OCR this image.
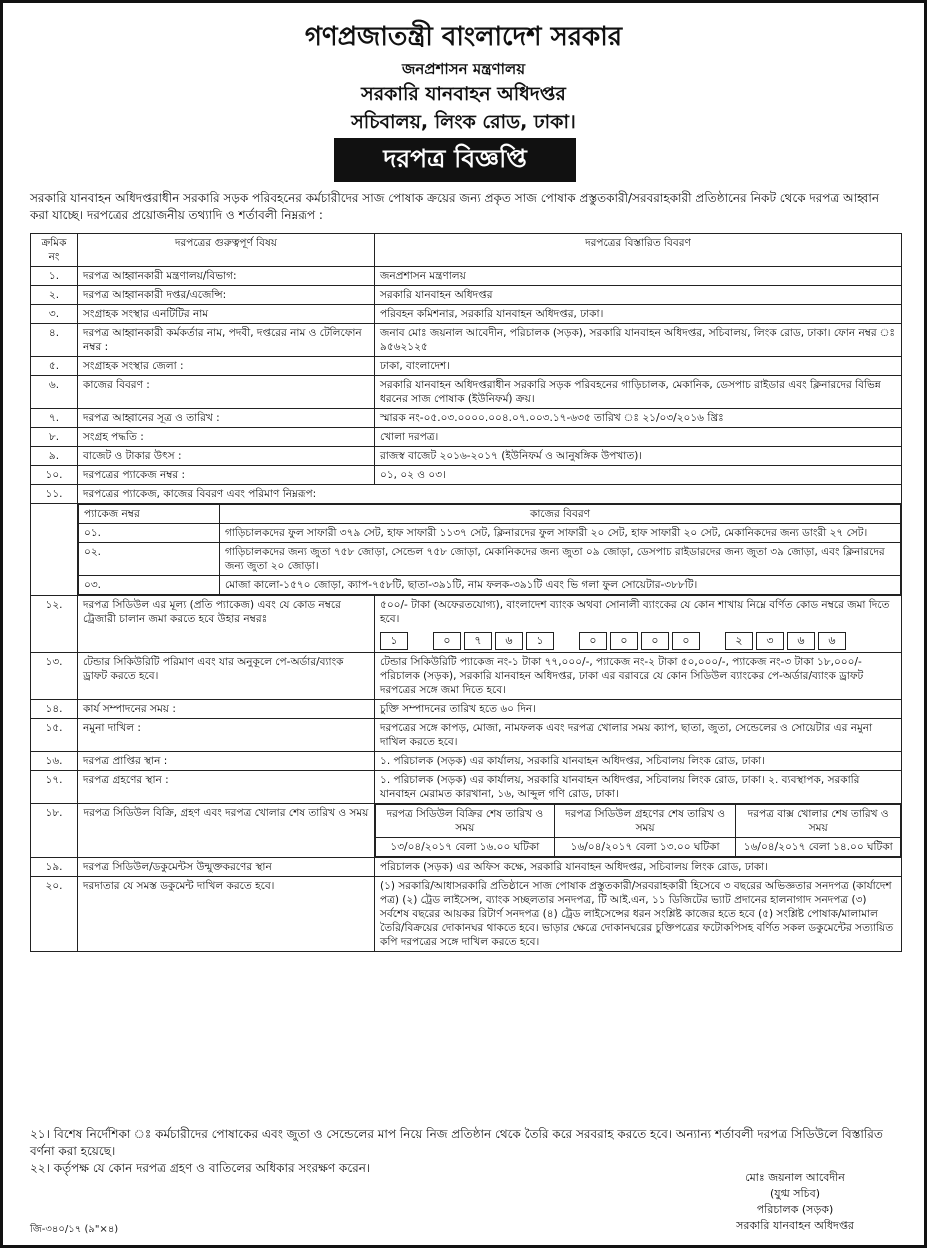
গণপ্রজাতন্ত্রী বাংলাদেশ সরকার
জনপ্রশাসন মন্ত্রণালয়
সরকারি যানবাহন অধিদপ্তর
সচিবালয়, লিংক রোড, ঢাকা।
দরপত্র বিজ্ঞপ্তি
সরকারি যানবাহন অধিদপ্তরাধীন সরকারি সড়ক পরিবহনের কর্মচারীদের সাজ পোষাক ক্রয়ের জন্য প্রকৃত সাজ পোষাক প্রস্তুতকারী/সরবরাহকারী প্রতিষ্ঠানের নিকট থেকে দরপত্র আহ্বান করা যাচ্ছে। দরপত্রের প্রয়োজনীয় তথ্যাদি ও শর্তাবলী নিম্নরূপ :
ক্রমিক নং	দরপত্রের গুরুত্বপূর্ণ বিষয়	দরপত্রের বিস্তারিত বিবরণ
১.	দরপত্র আহ্বানকারী মন্ত্রণালয়/বিভাগ:	জনপ্রশাসন মন্ত্রণালয়
২.	দরপত্র আহ্বানকারী দপ্তর/এজেন্সি:	সরকারি যানবাহন অধিদপ্তর
৩.	সংগ্রাহক সংস্থার এনটিটির নাম	পরিবহন কমিশনার, সরকারি যানবাহন অধিদপ্তর, ঢাকা।
৪.	দরপত্র আহ্বানকারী কর্মকর্তার নাম, পদবী, দপ্তরের নাম ও টেলিফোন নম্বর :	জনাব মোঃ জয়নাল আবেদীন, পরিচালক (সড়ক), সরকারি যানবাহন অধিদপ্তর, সচিবালয়, লিংক রোড, ঢাকা। ফোন নম্বর ঃ ৯৫৬২১২৫
৫.	সংগ্রাহক সংস্থার জেলা :	ঢাকা, বাংলাদেশ।
৬.	কাজের বিবরণ :	সরকারি যানবাহন অধিদপ্তরাধীন সরকারি সড়ক পরিবহনের গাড়িচালক, মেকানিক, ডেসপাচ রাইডার এবং ক্লিনারদের বিভিন্ন ধরনের সাজ পোষাক (ইউনিফর্ম) ক্রয়।
৭.	দরপত্র আহ্বানের সূত্র ও তারিখ :	স্মারক নং-০৫.০৩.০০০০.০০৪.০৭.০০৩.১৭-৬৩৫ তারিখ ঃ ২১/০৩/২০১৬ খ্রিঃ
৮.	সংগ্রহ পদ্ধতি :	খোলা দরপত্র।
৯.	বাজেট ও টাকার উৎস :	রাজস্ব বাজেট ২০১৬-২০১৭ (ইউনিফর্ম ও আনুষঙ্গিক উপখাত)।
১০.	দরপত্রের প্যাকেজ নম্বর :	০১, ০২ ও ০৩।
১১.	দরপত্রের প্যাকেজ, কাজের বিবরণ এবং পরিমাণ নিম্নরূপ:

প্যাকেজ নম্বর	কাজের বিবরণ
০১.	গাড়িচালকদের ফুল সাফারী ৩৭৯ সেট, হাফ সাফারী ১১৩৭ সেট, ক্লিনারদের ফুল সাফারী ২০ সেট, হাফ সাফারী ২০ সেট, মেকানিকদের জন্য ডাংরী ২৭ সেট।
০২.	গাড়িচালকদের জন্য জুতা ৭৫৮ জোড়া, সেন্ডেল ৭৫৮ জোড়া, মেকানিকদের জন্য জুতা ০৯ জোড়া, ডেসপাচ রাইডারদের জন্য জুতা ৩৯ জোড়া, এবং ক্লিনারদের জন্য জুতা ২০ জোড়া।
০৩.	মোজা কালো-১৫৭০ জোড়া, ক্যাপ-৭৫৮টি, ছাতা-৩৯১টি, নাম ফলক-৩৯১টি এবং ভি গলা ফুল সোয়েটার-৩৮৮টি।

১২.	দরপত্র সিডিউল এর মূল্য (প্রতি প্যাকেজ) এবং যে কোড নম্বরে ট্রেজারী চালান জমা করতে হবে উহার নম্বরঃ	
৫০০/- টাকা (অফেরতযোগ্য), বাংলাদেশ ব্যাংক অথবা সোনালী ব্যাংকের যে কোন শাখায় নিম্নে বর্ণিত কোড নম্বরে জমা দিতে হবে।
১	০ ৭ ৬ ১	০ ০ ০ ০	২ ৩ ৬ ৬

১৩.	টেন্ডার সিকিউরিটি পরিমাণ এবং যার অনুকূলে পে-অর্ডার/ব্যাংক ড্রাফট করতে হবে।	টেন্ডার সিকিউরিটি প্যাকেজ নং-১ টাকা ৭৭,০০০/-, প্যাকেজ নং-২ টাকা ৫০,০০০/-, প্যাকেজ নং-৩ টাকা ১৮,০০০/- পরিচালক (সড়ক), সরকারি যানবাহন অধিদপ্তর, ঢাকা এর বরাবরে যে কোন সিডিউল ব্যাংকের পে-অর্ডার/ব্যাংক ড্রাফট দরপত্রের সঙ্গে জমা দিতে হবে।
১৪.	কার্য সম্পাদনের সময় :	চুক্তি সম্পাদনের তারিখ হতে ৬০ দিন।
১৫.	নমুনা দাখিল :	দরপত্রের সঙ্গে কাপড়, মোজা, নামফলক এবং দরপত্র খোলার সময় ক্যাপ, ছাতা, জুতা, সেন্ডেলের ও সোয়েটার এর নমুনা দাখিল করতে হবে।
১৬.	দরপত্র প্রাপ্তির স্থান :	১. পরিচালক (সড়ক) এর কার্যালয়, সরকারি যানবাহন অধিদপ্তর, সচিবালয় লিংক রোড, ঢাকা।
১৭.	দরপত্র গ্রহণের স্থান :	১. পরিচালক (সড়ক) এর কার্যালয়, সরকারি যানবাহন অধিদপ্তর, সচিবালয় লিংক রোড, ঢাকা। ২. ব্যবস্থাপক, সরকারি যানবাহন মেরামত কারখানা, ১৬, আব্দুল গণি রোড, ঢাকা।
১৮.	দরপত্র সিডিউল বিক্রি, গ্রহণ এবং দরপত্র খোলার শেষ তারিখ ও সময়	দরপত্র সিডিউল বিক্রির শেষ তারিখ ও সময়	দরপত্র সিডিউল গ্রহণের শেষ তারিখ ও সময়	দরপত্র বাক্স খোলার শেষ তারিখ ও সময়
১৩/০৪/২০১৭ বেলা ১৬.০০ ঘটিকা	১৬/০৪/২০১৭ বেলা ১৩.০০ ঘটিকা	১৬/০৪/২০১৭ বেলা ১৪.০০ ঘটিকা

১৯.	দরপত্র সিডিউল/ডকুমেন্টস উন্মুক্তকরণের স্থান	পরিচালক (সড়ক) এর অফিস কক্ষে, সরকারি যানবাহন অধিদপ্তর, সচিবালয় লিংক রোড, ঢাকা।
২০.	দরদাতার যে সমস্ত ডকুমেন্ট দাখিল করতে হবে।	(১) সরকারি/আধাসরকারি প্রতিষ্ঠানে সাজ পোষাক প্রস্তুতকারী/সরবরাহকারী হিসেবে ৩ বছরের অভিজ্ঞতার সনদপত্র (কার্যাদেশ পত্র) (২) ট্রেড লাইসেন্স, ব্যাংক সচ্ছলতার সনদপত্র, টি আই.এন, ১১ ডিজিটের ভ্যাট প্রদানের হালনাগাদ সনদপত্র (৩) সর্বশেষ বছরের আয়কর রিটার্ণ সনদপত্র (৪) ট্রেড লাইসেন্সের ধরন সংশ্লিষ্ট কাজের হতে হবে (৫) সংশ্লিষ্ট পোষাক/মালামাল তৈরি/বিক্রয়ের দোকানঘর থাকতে হবে। ভাড়ার ক্ষেত্রে দোকানঘরের চুক্তিপত্রের ফটোকপিসহ বর্ণিত সকল ডকুমেন্টের সত্যায়িত কপি দরপত্রের সঙ্গে দাখিল করতে হবে।
২১। বিশেষ নির্দেশিকা ঃ কর্মচারীদের পোষাকের এবং জুতা ও সেন্ডেলের মাপ নিয়ে নিজ প্রতিষ্ঠান থেকে তৈরি করে সরবরাহ করতে হবে। অন্যান্য শর্তাবলী দরপত্র সিডিউলে বিস্তারিত বর্ণনা করা হয়েছে।
২২। কর্তৃপক্ষ যে কোন দরপত্র গ্রহণ ও বাতিলের অধিকার সংরক্ষণ করেন।
মোঃ জয়নাল আবেদীন
(যুগ্ম সচিব)
পরিচালক (সড়ক)
সরকারি যানবাহন অধিদপ্তর
জি-৩৪০/১৭ (৯"×৪)
